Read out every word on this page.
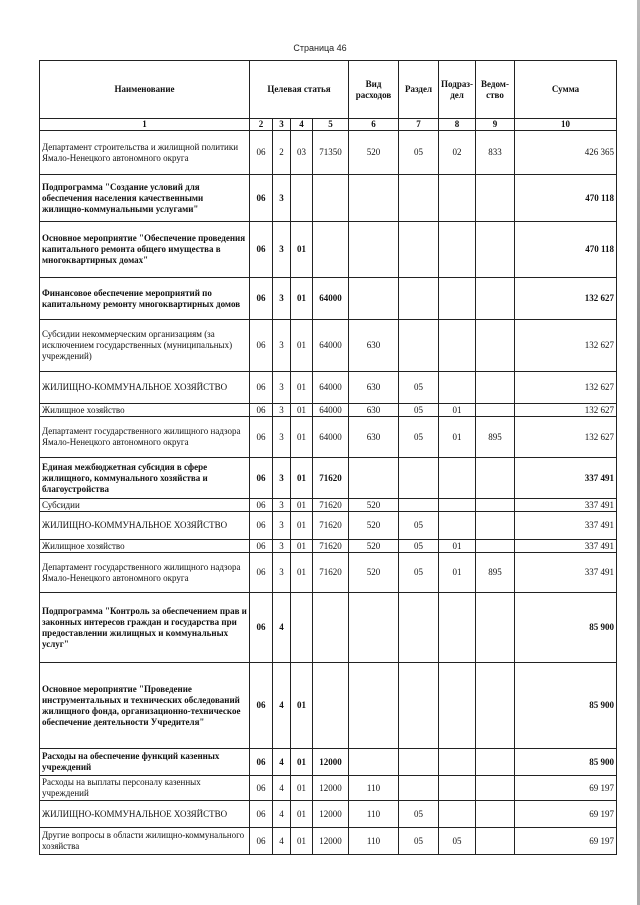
Страница 46
Наименование	Целевая статья				Вид расходов	Раздел	Подраз-дел	Ведом-ство	Сумма
1	2	3	4	5	6	7	8	9	10
Департамент строительства и жилищной политики Ямало-Ненецкого автономного округа	06	2	03	71350	520	05	02	833	426 365
Подпрограмма "Создание условий для обеспечения населения качественными жилищно-коммунальными услугами"	06	3							470 118
Основное мероприятие "Обеспечение проведения капитального ремонта общего имущества в многоквартирных домах"	06	3	01						470 118
Финансовое обеспечение мероприятий по капитальному ремонту многоквартирных домов	06	3	01	64000					132 627
Субсидии некоммерческим организациям (за исключением государственных (муниципальных) учреждений)	06	3	01	64000	630				132 627
ЖИЛИЩНО-КОММУНАЛЬНОЕ ХОЗЯЙСТВО	06	3	01	64000	630	05			132 627
Жилищное хозяйство	06	3	01	64000	630	05	01		132 627
Департамент государственного жилищного надзора Ямало-Ненецкого автономного округа	06	3	01	64000	630	05	01	895	132 627
Единая межбюджетная субсидия в сфере жилищного, коммунального хозяйства и благоустройства	06	3	01	71620					337 491
Субсидии	06	3	01	71620	520				337 491
ЖИЛИЩНО-КОММУНАЛЬНОЕ ХОЗЯЙСТВО	06	3	01	71620	520	05			337 491
Жилищное хозяйство	06	3	01	71620	520	05	01		337 491
Департамент государственного жилищного надзора Ямало-Ненецкого автономного округа	06	3	01	71620	520	05	01	895	337 491
Подпрограмма "Контроль за обеспечением прав и законных интересов граждан и государства при предоставлении жилищных и коммунальных услуг"	06	4							85 900
Основное мероприятие "Проведение инструментальных и технических обследований жилищного фонда, организационно-техническое обеспечение деятельности Учредителя"	06	4	01						85 900
Расходы на обеспечение функций казенных учреждений	06	4	01	12000					85 900
Расходы на выплаты персоналу казенных учреждений	06	4	01	12000	110				69 197
ЖИЛИЩНО-КОММУНАЛЬНОЕ ХОЗЯЙСТВО	06	4	01	12000	110	05			69 197
Другие вопросы в области жилищно-коммунального хозяйства	06	4	01	12000	110	05	05		69 197
